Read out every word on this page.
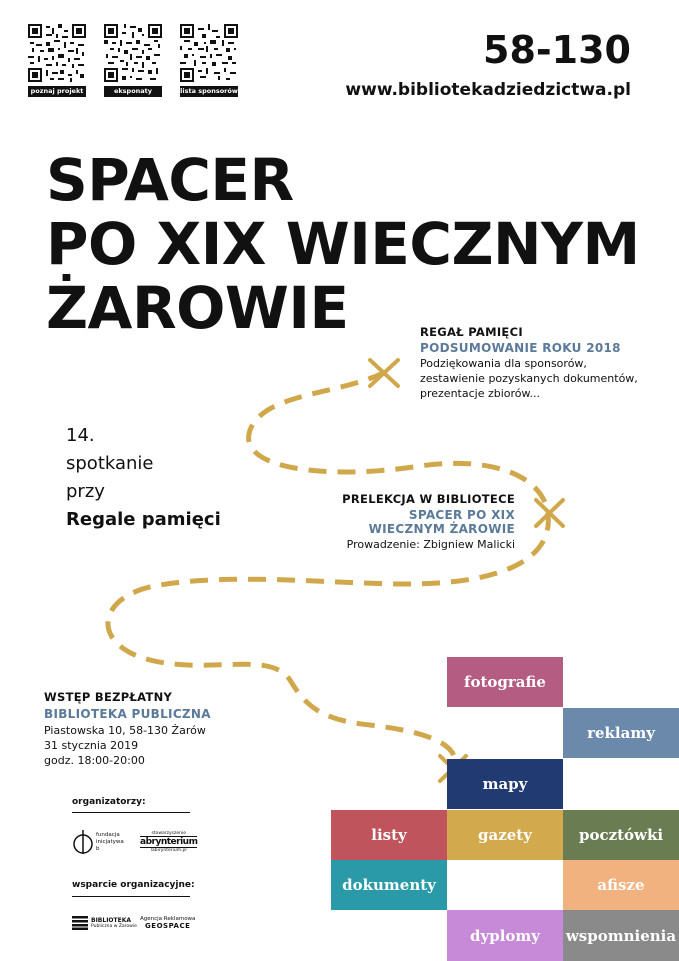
poznaj projekt	eksponaty	lista sponsorów
58-130
www.bibliotekadziedzictwa.pl
SPACER
PO XIX WIECZNYM
ŻAROWIE	REGAŁ PAMIĘCI
PODSUMOWANIE ROKU 2018
Podziękowania dla sponsorów,
zestawienie pozyskanych dokumentów,
prezentacje zbiorów...
14.
spotkanie
przy
Regale pamięci
PRELEKCJA W BIBLIOTECE
SPACER PO XIX
WIECZNYM ŻAROWIE
Prowadzenie: Zbigniew Malicki
WSTĘP BEZPŁATNY
BIBLIOTEKA PUBLICZNA
Piastowska 10, 58-130 Żarów
31 stycznia 2019
godz. 18:00-20:00
organizatorzy:
fundacja inicjatywa b
stowarzyszenie
abrynterium
labirynterium.pl
wsparcie organizacyjne:
BIBLIOTEKA
Publiczna w Żarowie
Agencja Reklamowa
GEOSPACE
fotografie
reklamy
mapy
listy	gazety	pocztówki
dokumenty	afisze
dyplomy wspomnienia
